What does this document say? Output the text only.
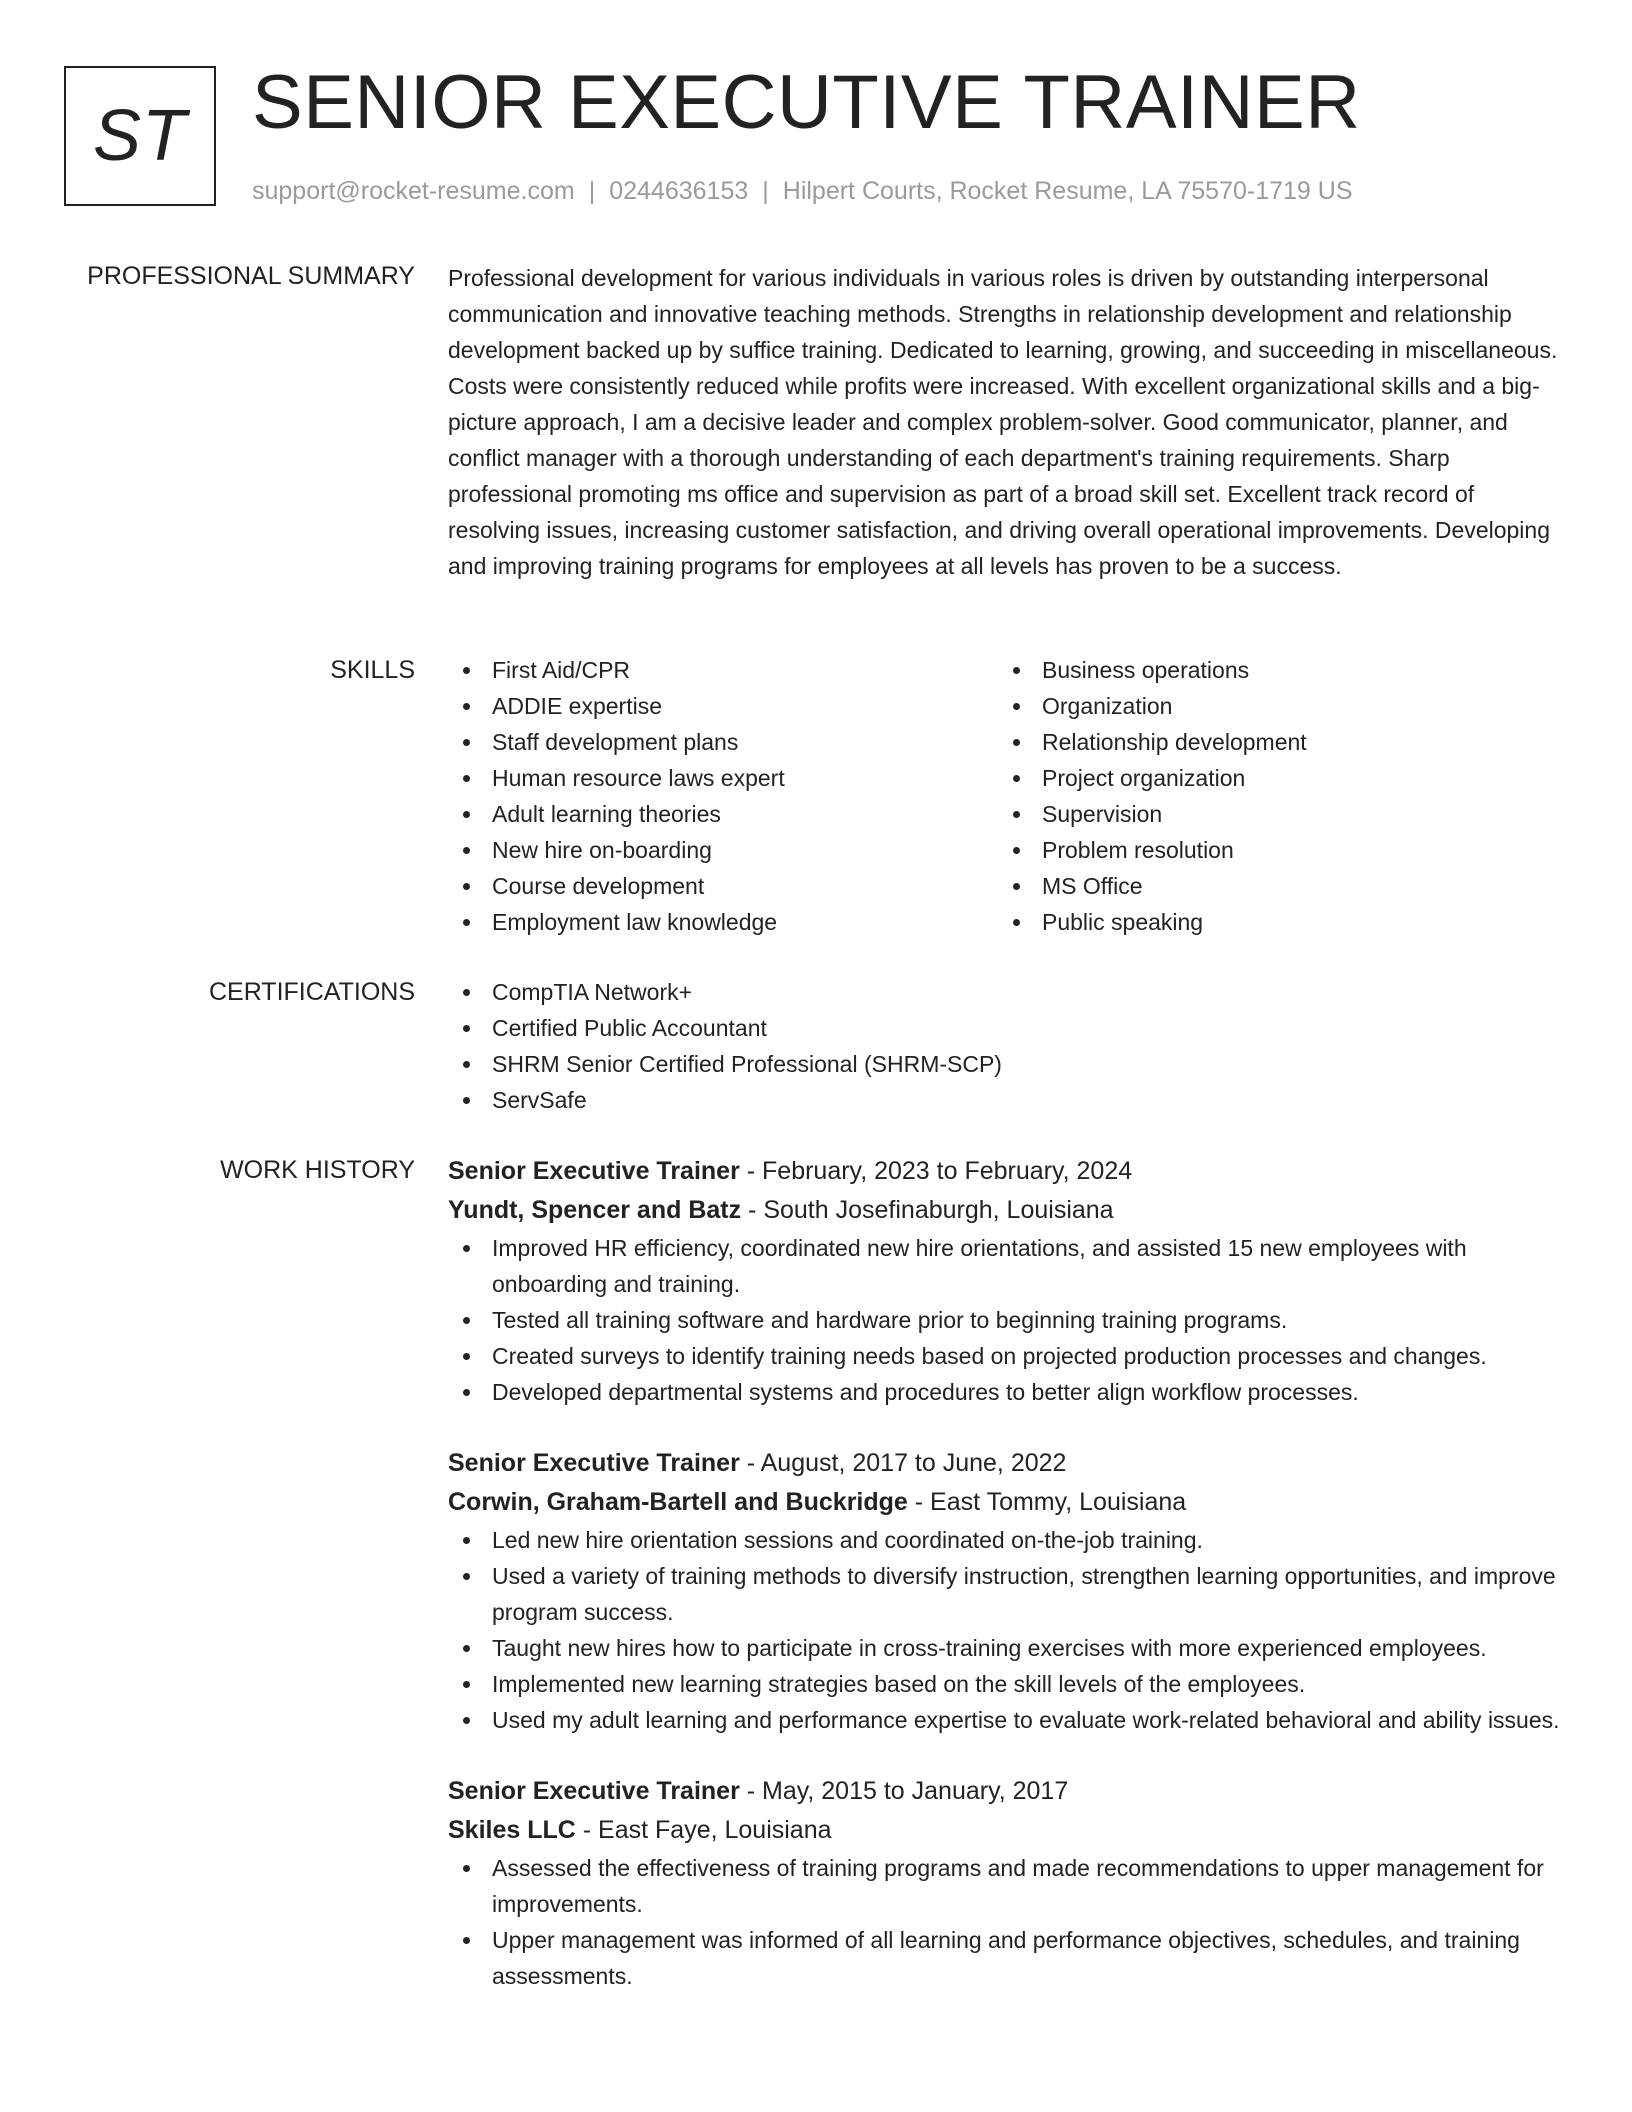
ST SENIOR EXECUTIVE TRAINER
support@rocket-resume.com | 0244636153 | Hilpert Courts, Rocket Resume, LA 75570-1719 US
PROFESSIONAL SUMMARY Professional development for various individuals in various roles is driven by outstanding interpersonal communication and innovative teaching methods. Strengths in relationship development and relationship development backed up by suffice training. Dedicated to learning, growing, and succeeding in miscellaneous. Costs were consistently reduced while profits were increased. With excellent organizational skills and a big-picture approach, I am a decisive leader and complex problem-solver. Good communicator, planner, and conflict manager with a thorough understanding of each department's training requirements. Sharp professional promoting ms office and supervision as part of a broad skill set. Excellent track record of resolving issues, increasing customer satisfaction, and driving overall operational improvements. Developing and improving training programs for employees at all levels has proven to be a success.

SKILLS	First Aid/CPR
ADDIE expertise
Staff development plans
Human resource laws expert
Adult learning theories
New hire on-boarding
Course development
Employment law knowledge
Business operations
Organization
Relationship development
Project organization
Supervision
Problem resolution
MS Office
Public speaking
CERTIFICATIONS	CompTIA Network+
Certified Public Accountant
SHRM Senior Certified Professional (SHRM-SCP)
ServSafe
WORK HISTORY Senior Executive Trainer - February, 2023 to February, 2024
Yundt, Spencer and Batz - South Josefinaburgh, Louisiana
Improved HR efficiency, coordinated new hire orientations, and assisted 15 new employees with onboarding and training.
Tested all training software and hardware prior to beginning training programs.
Created surveys to identify training needs based on projected production processes and changes.
Developed departmental systems and procedures to better align workflow processes.
Senior Executive Trainer - August, 2017 to June, 2022
Corwin, Graham-Bartell and Buckridge - East Tommy, Louisiana
Led new hire orientation sessions and coordinated on-the-job training.
Used a variety of training methods to diversify instruction, strengthen learning opportunities, and improve program success.
Taught new hires how to participate in cross-training exercises with more experienced employees.
Implemented new learning strategies based on the skill levels of the employees.
Used my adult learning and performance expertise to evaluate work-related behavioral and ability issues.
Senior Executive Trainer - May, 2015 to January, 2017
Skiles LLC - East Faye, Louisiana
Assessed the effectiveness of training programs and made recommendations to upper management for improvements.
Upper management was informed of all learning and performance objectives, schedules, and training assessments.
